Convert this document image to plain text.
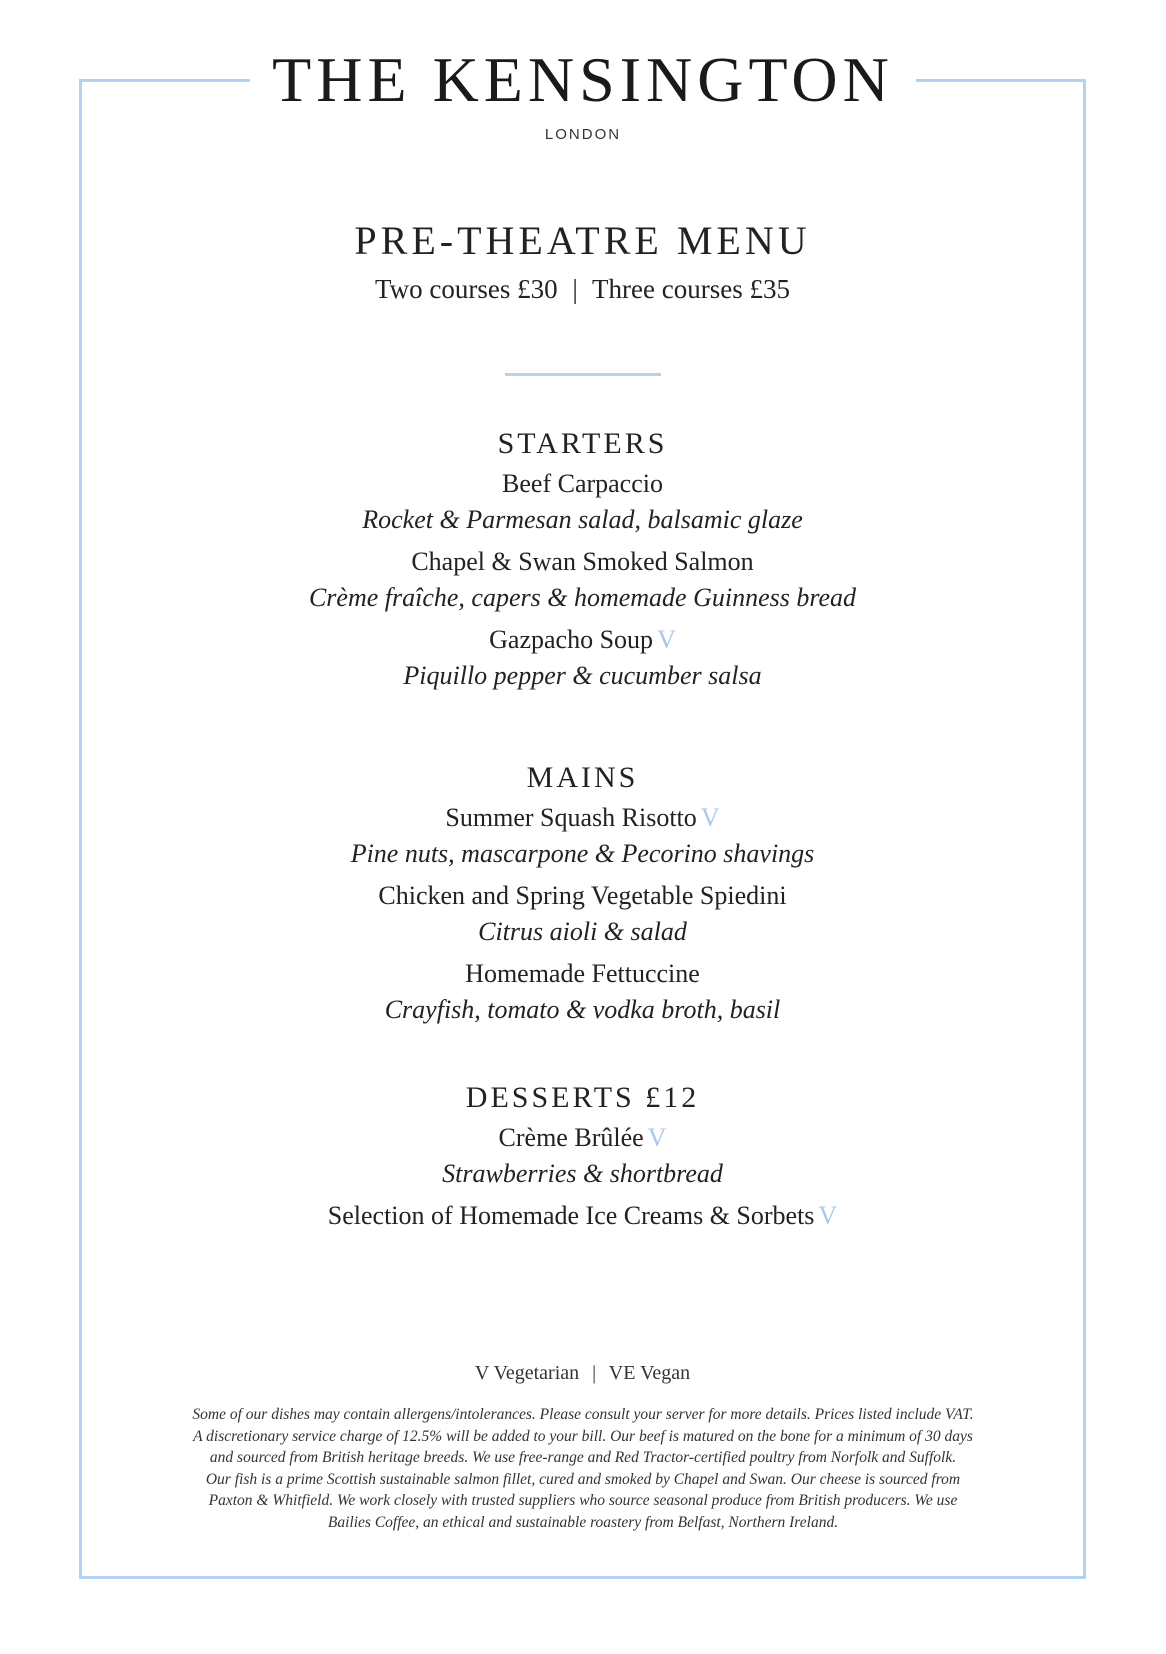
THE KENSINGTON
LONDON
PRE-THEATRE MENU
Two courses £30 | Three courses £35
STARTERS
Beef Carpaccio
Rocket & Parmesan salad, balsamic glaze
Chapel & Swan Smoked Salmon
Crème fraîche, capers & homemade Guinness bread
Gazpacho Soup V
Piquillo pepper & cucumber salsa
MAINS
Summer Squash Risotto V
Pine nuts, mascarpone & Pecorino shavings
Chicken and Spring Vegetable Spiedini
Citrus aioli & salad
Homemade Fettuccine
Crayfish, tomato & vodka broth, basil
DESSERTS £12
Crème Brûlée V
Strawberries & shortbread
Selection of Homemade Ice Creams & Sorbets V
V Vegetarian | VE Vegan
Some of our dishes may contain allergens/intolerances. Please consult your server for more details. Prices listed include VAT.
A discretionary service charge of 12.5% will be added to your bill. Our beef is matured on the bone for a minimum of 30 days
and sourced from British heritage breeds. We use free-range and Red Tractor-certified poultry from Norfolk and Suffolk.
Our fish is a prime Scottish sustainable salmon fillet, cured and smoked by Chapel and Swan. Our cheese is sourced from
Paxton & Whitfield. We work closely with trusted suppliers who source seasonal produce from British producers. We use
Bailies Coffee, an ethical and sustainable roastery from Belfast, Northern Ireland.
